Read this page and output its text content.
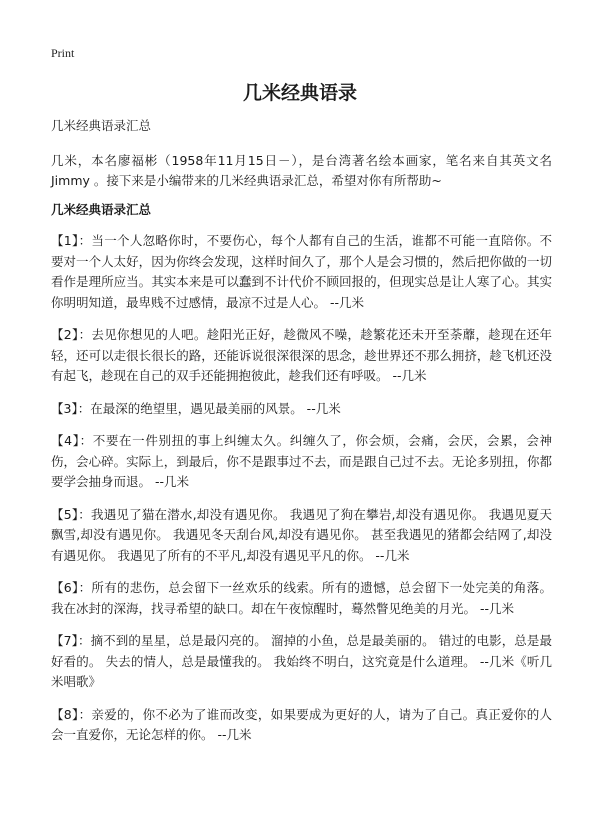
Print
几米经典语录

几米经典语录汇总

几米，本名廖福彬（1958年11月15日－），是台湾著名绘本画家，笔名来自其英文名Jimmy 。接下来是小编带来的几米经典语录汇总，希望对你有所帮助~

几米经典语录汇总

【1】：当一个人忽略你时，不要伤心，每个人都有自己的生活，谁都不可能一直陪你。不要对一个人太好，因为你终会发现，这样时间久了，那个人是会习惯的，然后把你做的一切看作是理所应当。其实本来是可以蠢到不计代价不顾回报的，但现实总是让人寒了心。其实你明明知道，最卑贱不过感情，最凉不过是人心。 --几米

【2】：去见你想见的人吧。趁阳光正好，趁微风不噪，趁繁花还未开至荼蘼，趁现在还年轻，还可以走很长很长的路，还能诉说很深很深的思念，趁世界还不那么拥挤，趁飞机还没有起飞，趁现在自己的双手还能拥抱彼此，趁我们还有呼吸。 --几米

【3】：在最深的绝望里，遇见最美丽的风景。 --几米

【4】：不要在一件别扭的事上纠缠太久。纠缠久了，你会烦，会痛，会厌，会累，会神伤，会心碎。实际上，到最后，你不是跟事过不去，而是跟自己过不去。无论多别扭，你都要学会抽身而退。 --几米

【5】：我遇见了猫在潜水,却没有遇见你。 我遇见了狗在攀岩,却没有遇见你。 我遇见夏天飘雪,却没有遇见你。 我遇见冬天刮台风,却没有遇见你。 甚至我遇见的猪都会结网了,却没有遇见你。 我遇见了所有的不平凡,却没有遇见平凡的你。 --几米

【6】：所有的悲伤，总会留下一丝欢乐的线索。所有的遗憾，总会留下一处完美的角落。我在冰封的深海，找寻希望的缺口。却在午夜惊醒时，蓦然瞥见绝美的月光。 --几米

【7】：摘不到的星星，总是最闪亮的。 溜掉的小鱼，总是最美丽的。 错过的电影，总是最好看的。 失去的情人，总是最懂我的。 我始终不明白，这究竟是什么道理。 --几米《听几米唱歌》

【8】：亲爱的，你不必为了谁而改变，如果要成为更好的人，请为了自己。真正爱你的人会一直爱你，无论怎样的你。 --几米
